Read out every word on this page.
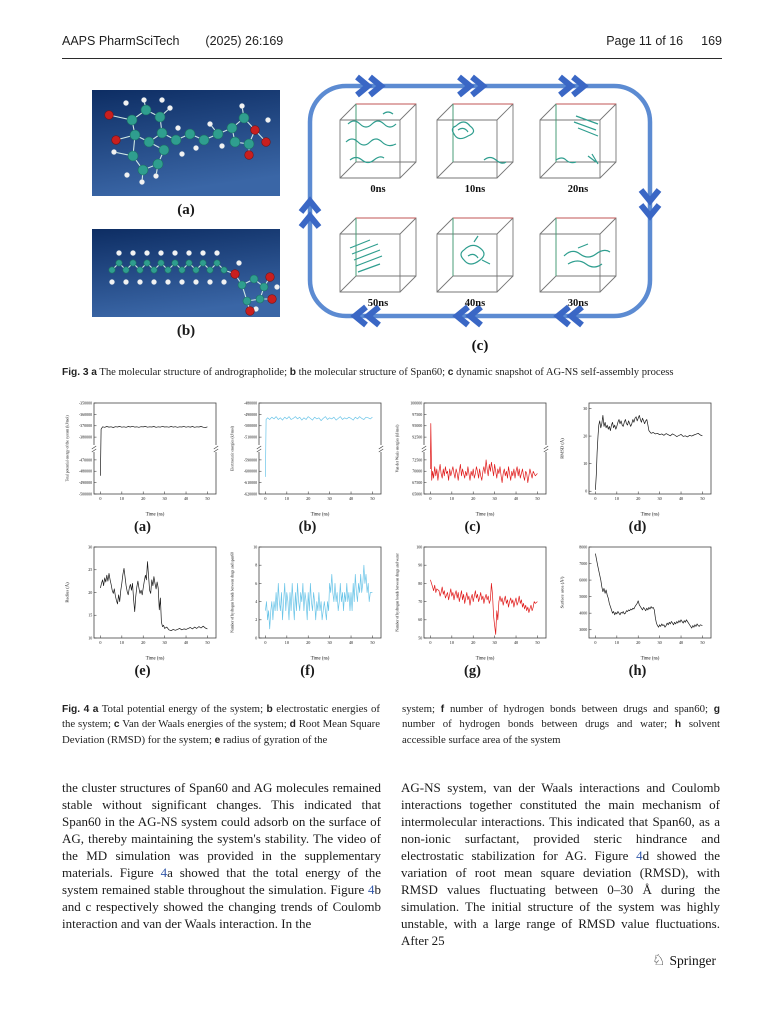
AAPS PharmSciTech (2025) 26:169	Page 11 of 16 169
(a)
(b)
0ns	10ns	20ns
50ns	40ns	30ns
(c)
Fig. 3 a The molecular structure of andrographolide; b the molecular structure of Span60; c dynamic snapshot of AG-NS self-assembly process
-350000
-360000
-370000
-380000
-470000
-480000
-490000
-500000
0	10	20	30	40	50
Time (ns)
Total potential energy of the system (kJ/mol)
(a)
-480000
-490000
-500000
-510000
-590000
-600000
-610000
-620000
0	10	20	30	40	50
Time (ns)
Electrostatic energies (kJ/mol)
(b)
100000
97500
95000
92500
72500
70000
67500
65000
0	10	20	30	40	50
Time (ns)
Van der Waals energies (kJ/mol)
(c)
30
20
10
0
0	10	20	30	40	50
Time (ns)
RMSD (Å)
(d)
30
25
20
15
10
0	10	20	30	40	50
Time (ns)
Radius (Å)
(e)
10
8
6
4
2
0
0	10	20	30	40	50
Time (ns)
Number of hydrogen bonds between drugs and span60
(f)
100
90
80
70
60
50
0	10	20	30	40	50
Time (ns)
Number of hydrogen bonds between drugs and water
(g)
8000
7000
6000
5000
4000
3000
0	10	20	30	40	50
Time (ns)
Surface area (Å²)
(h)
Fig. 4 a Total potential energy of the system; b electrostatic energies of the system; c Van der Waals energies of the system; d Root Mean Square Deviation (RMSD) for the system; e radius of gyration of the
system; f number of hydrogen bonds between drugs and span60; g number of hydrogen bonds between drugs and water; h solvent accessible surface area of the system

the cluster structures of Span60 and AG molecules remained stable without significant changes. This indicated that Span60 in the AG-NS system could adsorb on the surface of AG, thereby maintaining the system's stability. The video of the MD simulation was provided in the supplementary materials. Figure 4a showed that the total energy of the system remained stable throughout the simulation. Figure 4b and c respectively showed the changing trends of Coulomb interaction and van der Waals interaction. In the

AG-NS system, van der Waals interactions and Coulomb interactions together constituted the main mechanism of intermolecular interactions. This indicated that Span60, as a non-ionic surfactant, provided steric hindrance and electrostatic stabilization for AG. Figure 4d showed the variation of root mean square deviation (RMSD), with RMSD values fluctuating between 0–30 Å during the simulation. The initial structure of the system was highly unstable, with a large range of RMSD value fluctuations. After 25

♘ Springer
